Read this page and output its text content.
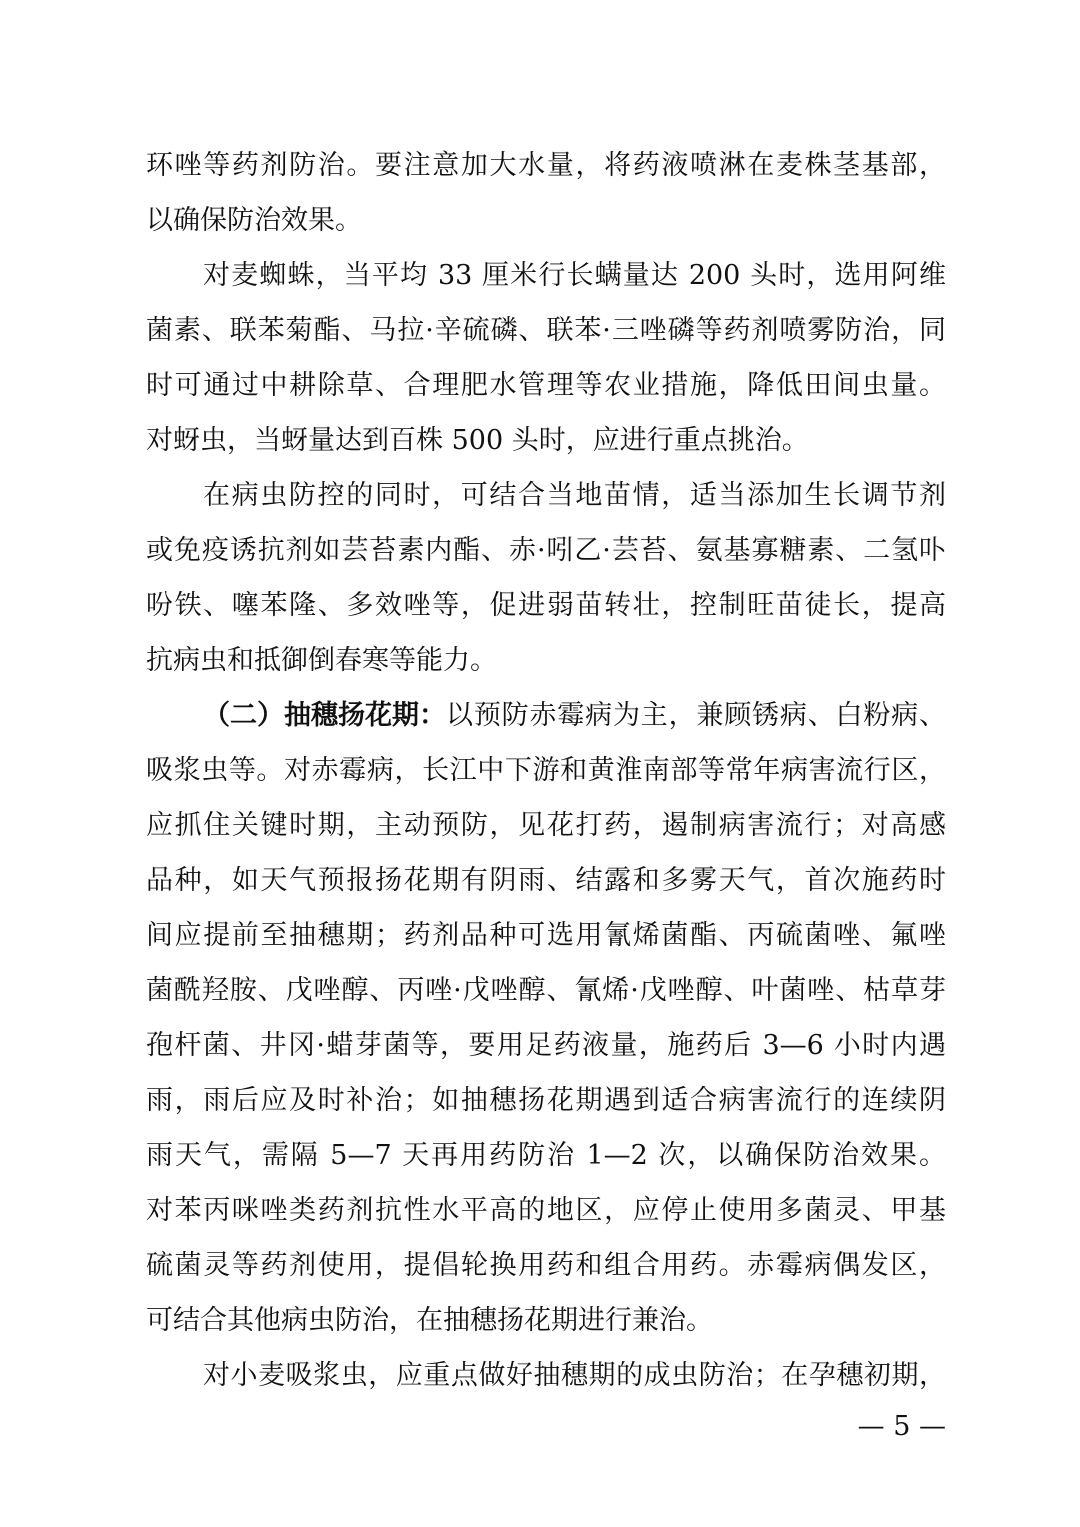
环唑等药剂防治。要注意加大水量，将药液喷淋在麦株茎基部，
以确保防治效果。
对麦蜘蛛，当平均 33 厘米行长螨量达 200 头时，选用阿维
菌素、联苯菊酯、马拉·辛硫磷、联苯·三唑磷等药剂喷雾防治，同
时可通过中耕除草、合理肥水管理等农业措施，降低田间虫量。
对蚜虫，当蚜量达到百株 500 头时，应进行重点挑治。
在病虫防控的同时，可结合当地苗情，适当添加生长调节剂
或免疫诱抗剂如芸苔素内酯、赤·吲乙·芸苔、氨基寡糖素、二氢卟
吩铁、噻苯隆、多效唑等，促进弱苗转壮，控制旺苗徒长，提高
抗病虫和抵御倒春寒等能力。
（二）抽穗扬花期： 以预防赤霉病为主，兼顾锈病、白粉病、
吸浆虫等。对赤霉病，长江中下游和黄淮南部等常年病害流行区，
应抓住关键时期，主动预防，见花打药，遏制病害流行；对高感
品种，如天气预报扬花期有阴雨、结露和多雾天气，首次施药时
间应提前至抽穗期；药剂品种可选用氰烯菌酯、丙硫菌唑、氟唑
菌酰羟胺、戊唑醇、丙唑·戊唑醇、氰烯·戊唑醇、叶菌唑、枯草芽
孢杆菌、井冈·蜡芽菌等，要用足药液量，施药后 3—6 小时内遇
雨，雨后应及时补治；如抽穗扬花期遇到适合病害流行的连续阴
雨天气，需隔 5—7 天再用药防治 1—2 次，以确保防治效果。
对苯丙咪唑类药剂抗性水平高的地区，应停止使用多菌灵、甲基
硫菌灵等药剂使用，提倡轮换用药和组合用药。赤霉病偶发区，
可结合其他病虫防治，在抽穗扬花期进行兼治。
对小麦吸浆虫，应重点做好抽穗期的成虫防治；在孕穗初期，
— 5 —
